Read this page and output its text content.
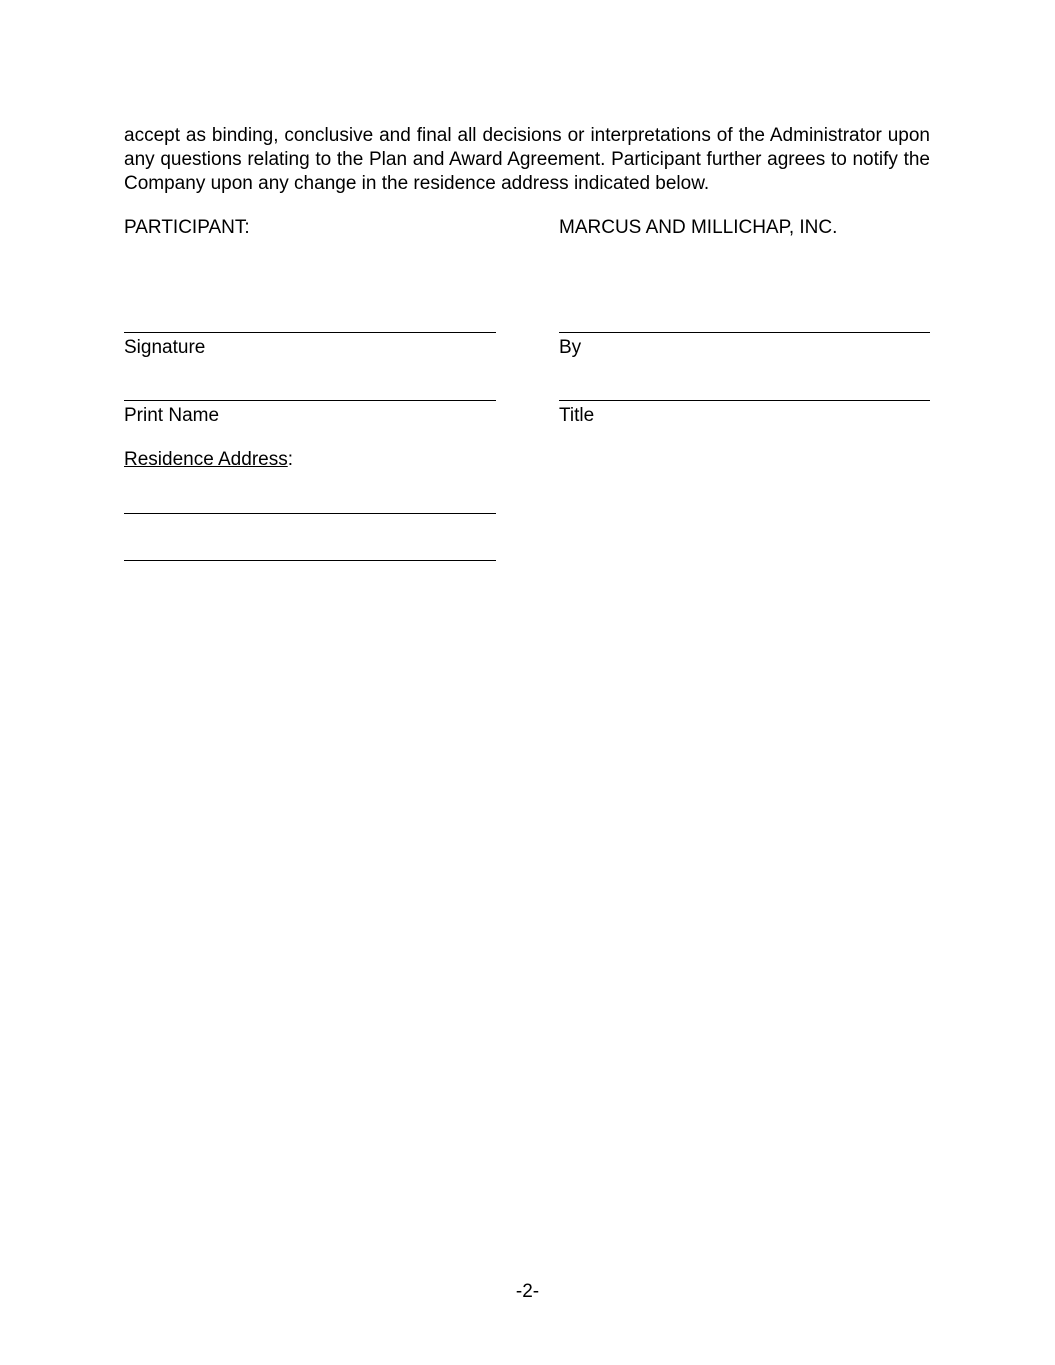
accept as binding, conclusive and final all decisions or interpretations of the Administrator upon
any questions relating to the Plan and Award Agreement. Participant further agrees to notify the
Company upon any change in the residence address indicated below.
PARTICIPANT:	MARCUS AND MILLICHAP, INC.
Signature
Print Name
Residence Address:
By
Title
-2-
